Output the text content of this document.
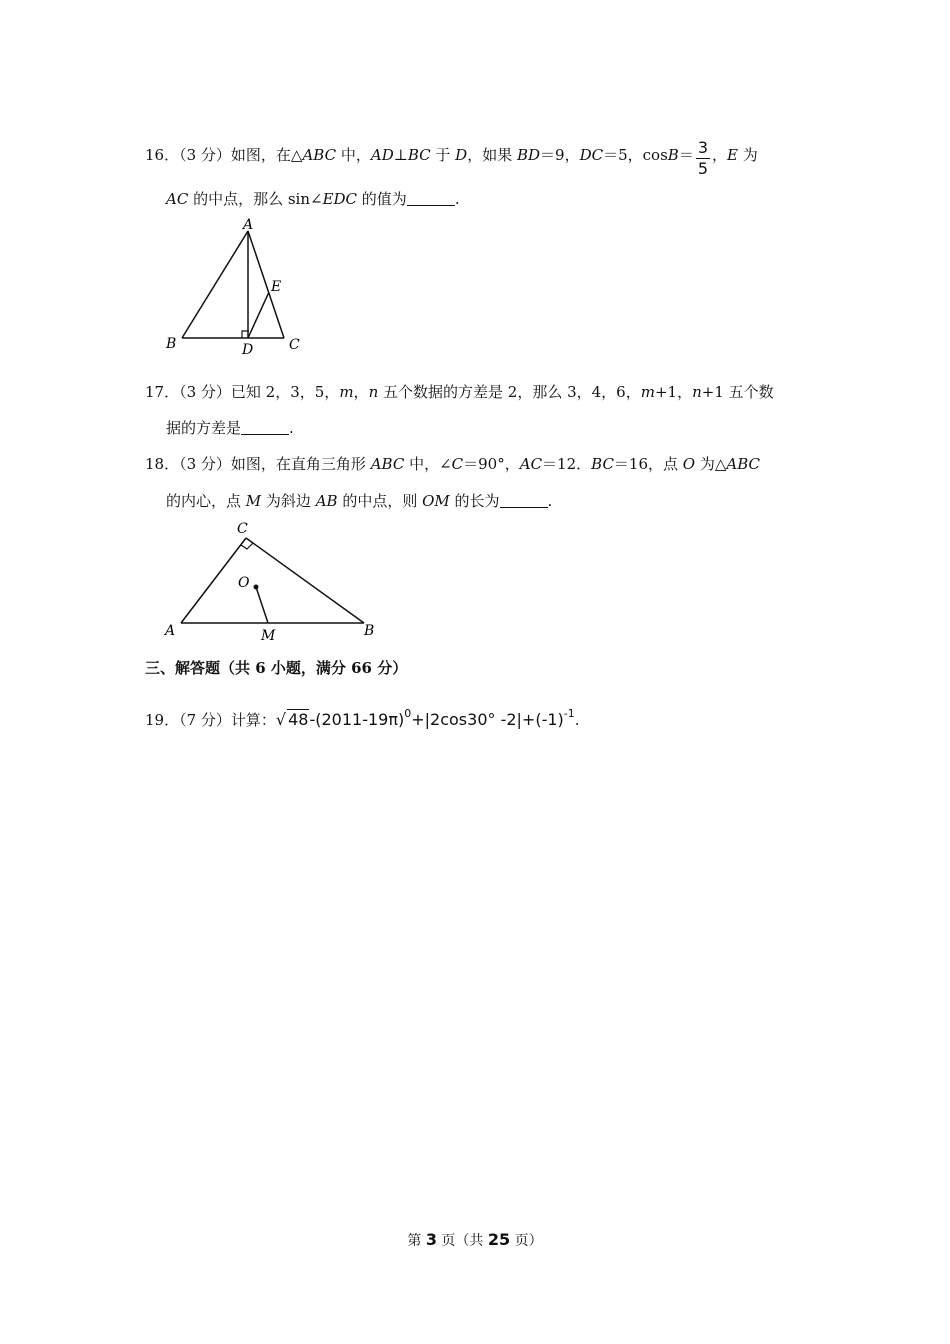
16．（3 分）如图，在△ABC 中，AD⊥BC 于 D，如果 BD＝9，DC＝5，$\cos B= \frac{3}{5}$ ，E 为
AC 的中点，那么 sin∠EDC 的值为	.
A
B	C
D
E
17．（3 分）已知 2，3，5，m，n 五个数据的方差是 2，那么 3，4，6，m+1，n+1 五个数
据的方差是	.
18．（3 分）如图，在直角三角形 ABC 中，∠C＝90°，AC＝12．BC＝16，点 O 为△ABC
的内心，点 M 为斜边 AB 的中点，则 OM 的长为	.
C
O
A	M	B
三、解答题（共 6 小题，满分 66 分）
19．（7 分）计算：√ $48-(2011-19\pi)^0+|2\cos 30^\circ$ $-2|+(-1)^{-1}$.
第 3 页（共 25 页）
